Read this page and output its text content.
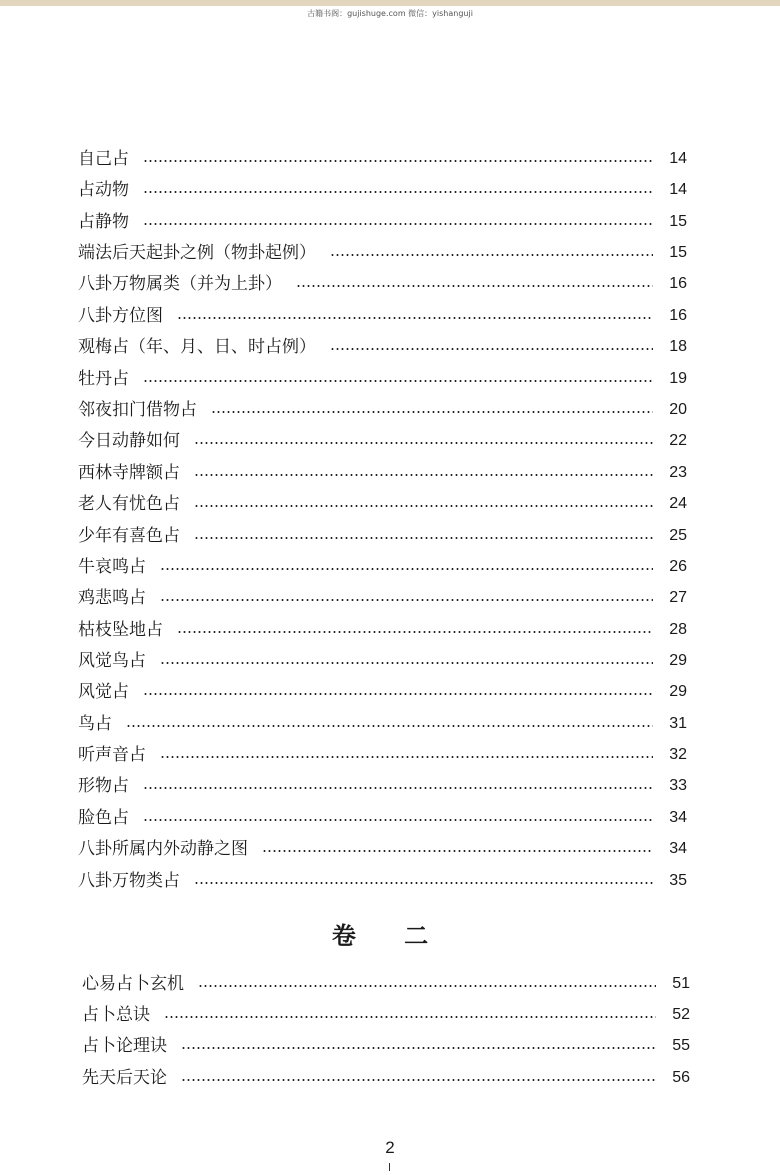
古籍书阁：gujishuge.com 微信：yishanguji
自己占	14
占动物	14
占静物	15
端法后天起卦之例（物卦起例）	15
八卦万物属类（并为上卦）	16
八卦方位图	16
观梅占（年、月、日、时占例）	18
牡丹占	19
邻夜扣门借物占	20
今日动静如何	22
西林寺牌额占	23
老人有忧色占	24
少年有喜色占	25
牛哀鸣占	26
鸡悲鸣占	27
枯枝坠地占	28
风觉鸟占	29
风觉占	29
鸟占	31
听声音占	32
形物占	33
脸色占	34
八卦所属内外动静之图	34
八卦万物类占	35
卷 二
心易占卜玄机	51
占卜总诀	52
占卜论理诀	55
先天后天论	56
2
